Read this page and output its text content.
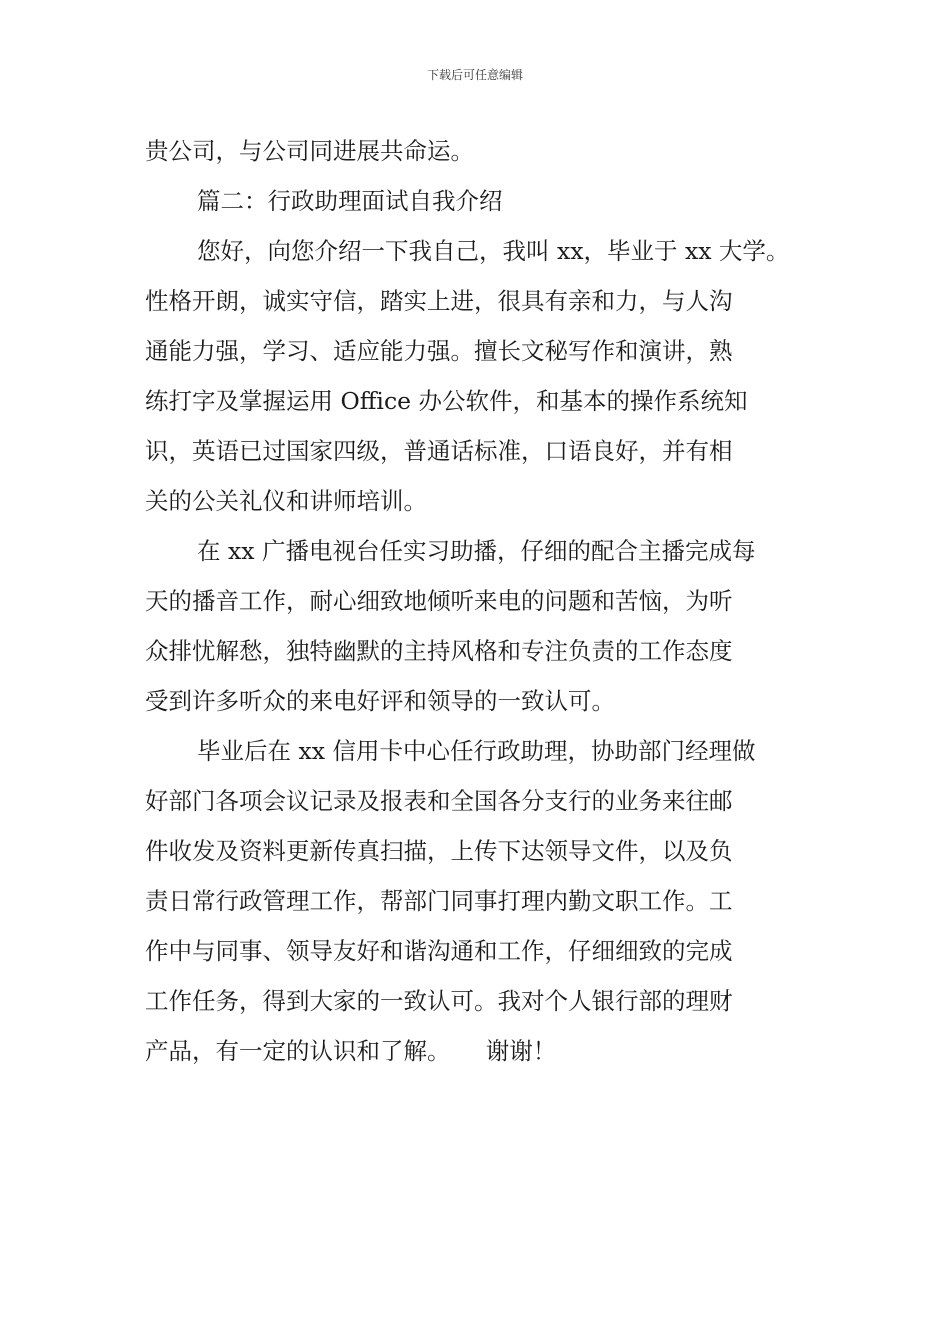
下载后可任意编辑
贵公司，与公司同进展共命运。
篇二：行政助理面试自我介绍
您好，向您介绍一下我自己，我叫 xx，毕业于 xx 大学。
性格开朗，诚实守信，踏实上进，很具有亲和力，与人沟
通能力强，学习、适应能力强。擅长文秘写作和演讲，熟
练打字及掌握运用 Office 办公软件，和基本的操作系统知
识，英语已过国家四级，普通话标准，口语良好，并有相
关的公关礼仪和讲师培训。
在 xx 广播电视台任实习助播，仔细的配合主播完成每
天的播音工作，耐心细致地倾听来电的问题和苦恼，为听
众排忧解愁，独特幽默的主持风格和专注负责的工作态度
受到许多听众的来电好评和领导的一致认可。
毕业后在 xx 信用卡中心任行政助理，协助部门经理做
好部门各项会议记录及报表和全国各分支行的业务来往邮
件收发及资料更新传真扫描，上传下达领导文件，以及负
责日常行政管理工作，帮部门同事打理内勤文职工作。工
作中与同事、领导友好和谐沟通和工作，仔细细致的完成
工作任务，得到大家的一致认可。我对个人银行部的理财
产品，有一定的认识和了解。　　谢谢！
